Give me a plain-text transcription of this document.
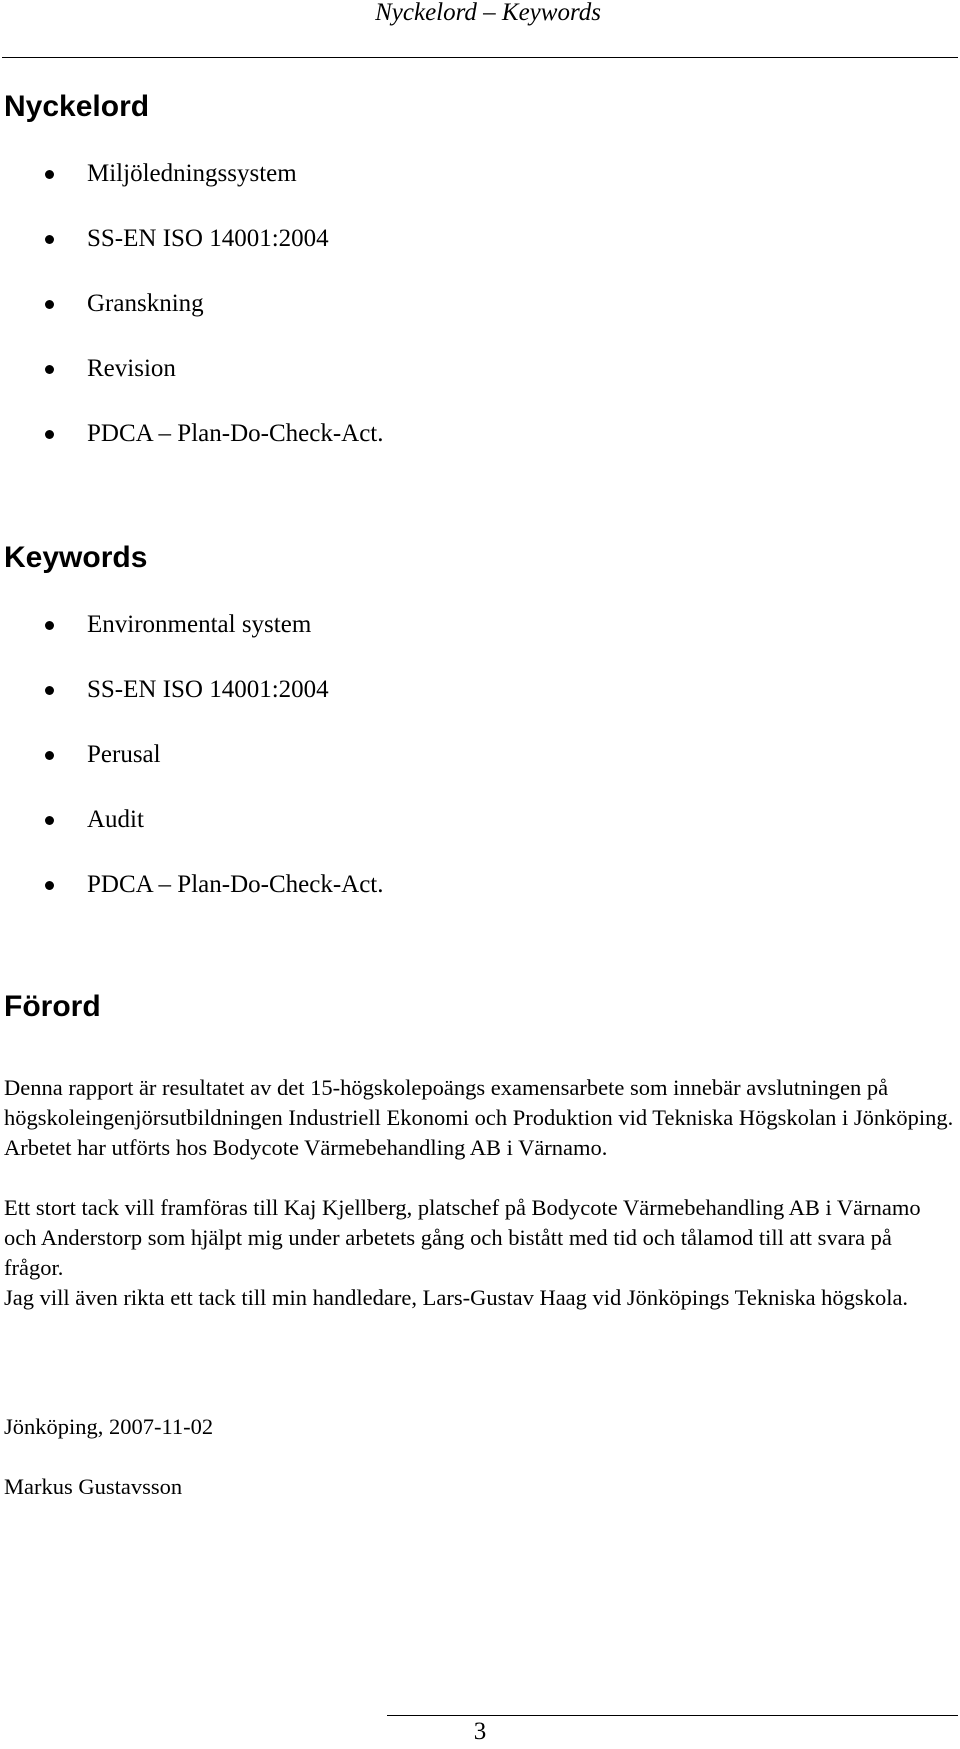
Nyckelord – Keywords
Nyckelord
Miljöledningssystem
SS-EN ISO 14001:2004
Granskning
Revision
PDCA – Plan-Do-Check-Act.
Keywords
Environmental system
SS-EN ISO 14001:2004
Perusal
Audit
PDCA – Plan-Do-Check-Act.
Förord

Denna rapport är resultatet av det 15-högskolepoängs examensarbete som innebär avslutningen på högskoleingenjörsutbildningen Industriell Ekonomi och Produktion vid Tekniska Högskolan i Jönköping. Arbetet har utförts hos Bodycote Värmebehandling AB i Värnamo.

Ett stort tack vill framföras till Kaj Kjellberg, platschef på Bodycote Värmebehandling AB i Värnamo och Anderstorp som hjälpt mig under arbetets gång och bistått med tid och tålamod till att svara på frågor.

Jag vill även rikta ett tack till min handledare, Lars-Gustav Haag vid Jönköpings Tekniska högskola.

Jönköping, 2007-11-02

Markus Gustavsson

3
